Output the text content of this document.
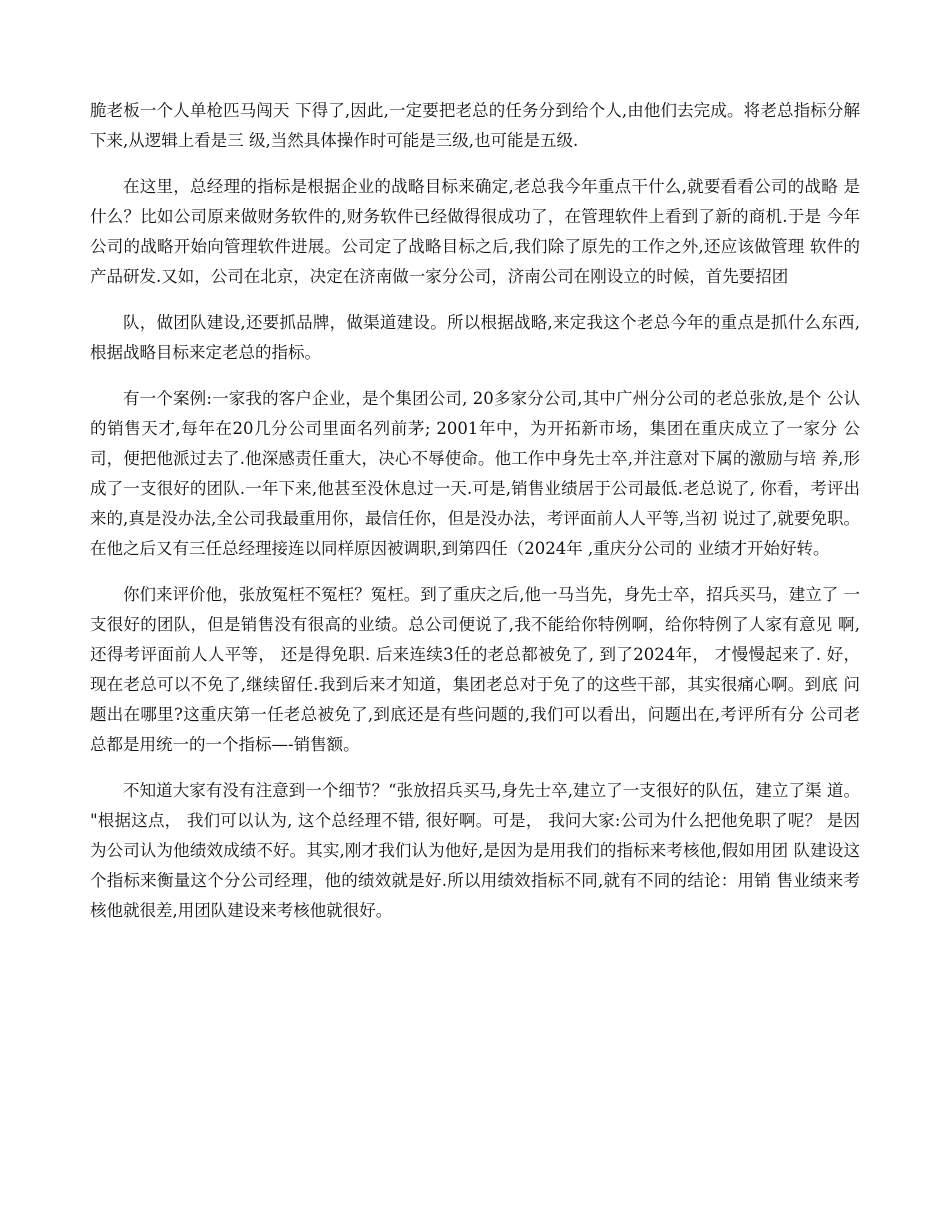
脆老板一个人单枪匹马闯天 下得了,因此,一定要把老总的任务分到给个人,由他们去完成。将老总指标分解下来,从逻辑上看是三 级,当然具体操作时可能是三级,也可能是五级.

在这里，总经理的指标是根据企业的战略目标来确定,老总我今年重点干什么,就要看看公司的战略 是什么？比如公司原来做财务软件的,财务软件已经做得很成功了，在管理软件上看到了新的商机.于是 今年公司的战略开始向管理软件进展。公司定了战略目标之后,我们除了原先的工作之外,还应该做管理 软件的产品研发.又如，公司在北京，决定在济南做一家分公司，济南公司在刚设立的时候，首先要招团

队，做团队建设,还要抓品牌，做渠道建设。所以根据战略,来定我这个老总今年的重点是抓什么东西, 根据战略目标来定老总的指标。

有一个案例:一家我的客户企业，是个集团公司, 20多家分公司,其中广州分公司的老总张放,是个 公认的销售天才,每年在20几分公司里面名列前茅; 2001年中，为开拓新市场，集团在重庆成立了一家分 公司，便把他派过去了.他深感责任重大，决心不辱使命。他工作中身先士卒,并注意对下属的激励与培 养,形成了一支很好的团队.一年下来,他甚至没休息过一天.可是,销售业绩居于公司最低.老总说了, 你看，考评出来的,真是没办法,全公司我最重用你，最信任你，但是没办法，考评面前人人平等,当初 说过了,就要免职。在他之后又有三任总经理接连以同样原因被调职,到第四任（2024年 ,重庆分公司的 业绩才开始好转。

你们来评价他，张放冤枉不冤枉？冤枉。到了重庆之后,他一马当先，身先士卒，招兵买马，建立了 一支很好的团队，但是销售没有很高的业绩。总公司便说了,我不能给你特例啊，给你特例了人家有意见 啊, 还得考评面前人人平等， 还是得免职. 后来连续3任的老总都被免了, 到了2024年， 才慢慢起来了. 好， 现在老总可以不免了,继续留任.我到后来才知道，集团老总对于免了的这些干部，其实很痛心啊。到底 问题出在哪里?这重庆第一任老总被免了,到底还是有些问题的,我们可以看出，问题出在,考评所有分 公司老总都是用统一的一个指标—-销售额。

不知道大家有没有注意到一个细节？“张放招兵买马,身先士卒,建立了一支很好的队伍，建立了渠 道。 "根据这点， 我们可以认为, 这个总经理不错, 很好啊。可是， 我问大家:公司为什么把他免职了呢？ 是因为公司认为他绩效成绩不好。其实,刚才我们认为他好,是因为是用我们的指标来考核他,假如用团 队建设这个指标来衡量这个分公司经理，他的绩效就是好.所以用绩效指标不同,就有不同的结论：用销 售业绩来考核他就很差,用团队建设来考核他就很好。
